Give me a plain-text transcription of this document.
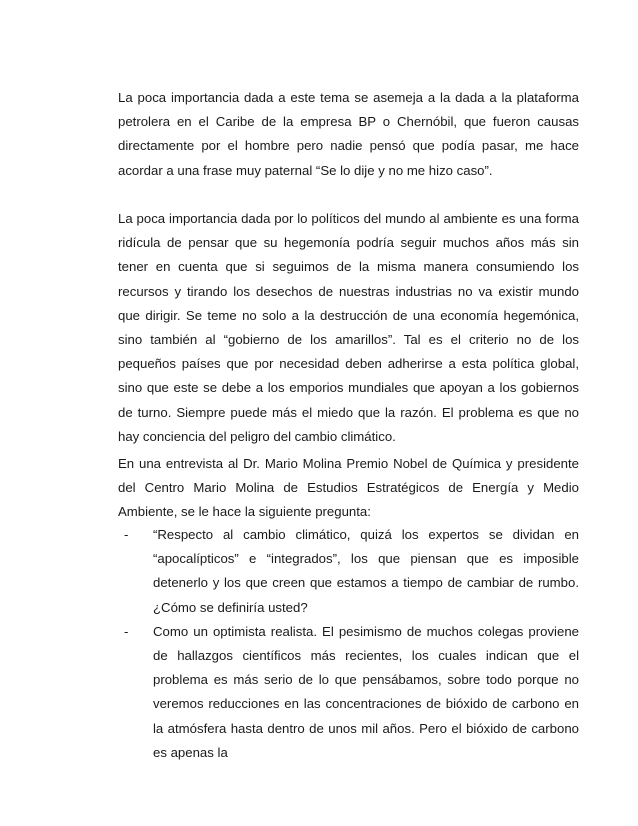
La poca importancia dada a este tema se asemeja a la dada a la plataforma petrolera en el Caribe de la empresa BP o Chernóbil, que fueron causas directamente por el hombre pero nadie pensó que podía pasar, me hace acordar a una frase muy paternal “Se lo dije y no me hizo caso”.

La poca importancia dada por lo políticos del mundo al ambiente es una forma ridícula de pensar que su hegemonía podría seguir muchos años más sin tener en cuenta que si seguimos de la misma manera consumiendo los recursos y tirando los desechos de nuestras industrias no va existir mundo que dirigir. Se teme no solo a la destrucción de una economía hegemónica, sino también al “gobierno de los amarillos”. Tal es el criterio no de los pequeños países que por necesidad deben adherirse a esta política global, sino que este se debe a los emporios mundiales que apoyan a los gobiernos de turno. Siempre puede más el miedo que la razón. El problema es que no hay conciencia del peligro del cambio climático.

En una entrevista al Dr. Mario Molina Premio Nobel de Química y presidente del Centro Mario Molina de Estudios Estratégicos de Energía y Medio Ambiente, se le hace la siguiente pregunta:

- “Respecto al cambio climático, quizá los expertos se dividan en “apocalípticos” e “integrados”, los que piensan que es imposible detenerlo y los que creen que estamos a tiempo de cambiar de rumbo. ¿Cómo se definiría usted?
- Como un optimista realista. El pesimismo de muchos colegas proviene de hallazgos científicos más recientes, los cuales indican que el problema es más serio de lo que pensábamos, sobre todo porque no veremos reducciones en las concentraciones de bióxido de carbono en la atmósfera hasta dentro de unos mil años. Pero el bióxido de carbono es apenas la
